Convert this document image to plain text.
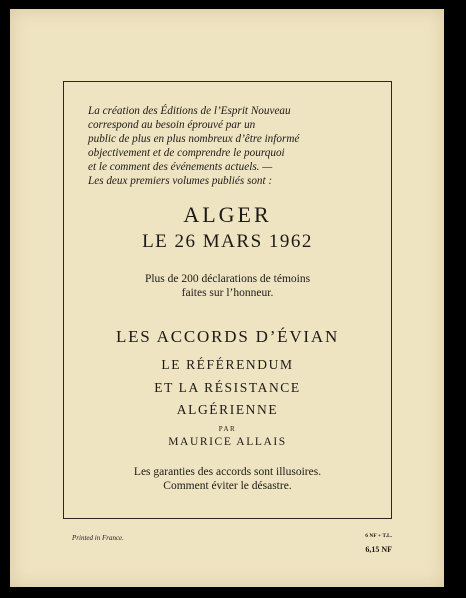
La création des Éditions de l’Esprit Nouveau
correspond au besoin éprouvé par un
public de plus en plus nombreux d’être informé
objectivement et de comprendre le pourquoi
et le comment des événements actuels. —
Les deux premiers volumes publiés sont :

ALGER
LE 26 MARS 1962
Plus de 200 déclarations de témoins
faites sur l’honneur.
LES ACCORDS D’ÉVIAN
LE RÉFÉRENDUM
ET LA RÉSISTANCE
ALGÉRIENNE
PAR
MAURICE ALLAIS
Les garanties des accords sont illusoires.
Comment éviter le désastre.
Printed in France.	6 NF + T.L.
6,15 NF
